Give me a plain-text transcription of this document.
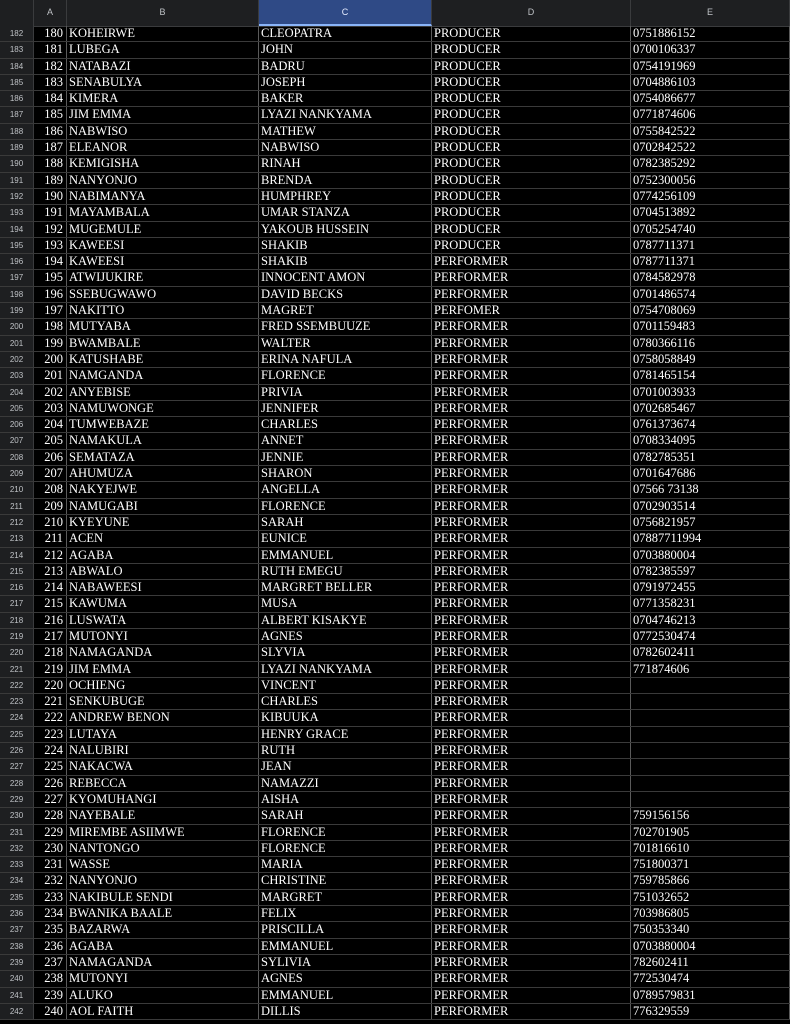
A	B	C	D	E
182	180 KOHEIRWE	CLEOPATRA	PRODUCER	0751886152
183	181 LUBEGA	JOHN	PRODUCER	0700106337
184	182 NATABAZI	BADRU	PRODUCER	0754191969
185	183 SENABULYA	JOSEPH	PRODUCER	0704886103
186	184 KIMERA	BAKER	PRODUCER	0754086677
187	185 JIM EMMA	LYAZI NANKYAMA	PRODUCER	0771874606
188	186 NABWISO	MATHEW	PRODUCER	0755842522
189	187 ELEANOR	NABWISO	PRODUCER	0702842522
190	188 KEMIGISHA	RINAH	PRODUCER	0782385292
191	189 NANYONJO	BRENDA	PRODUCER	0752300056
192	190 NABIMANYA	HUMPHREY	PRODUCER	0774256109
193	191 MAYAMBALA	UMAR STANZA	PRODUCER	0704513892
194	192 MUGEMULE	YAKOUB HUSSEIN	PRODUCER	0705254740
195	193 KAWEESI	SHAKIB	PRODUCER	0787711371
196	194 KAWEESI	SHAKIB	PERFORMER	0787711371
197	195 ATWIJUKIRE	INNOCENT AMON	PERFORMER	0784582978
198	196 SSEBUGWAWO	DAVID BECKS	PERFORMER	0701486574
199	197 NAKITTO	MAGRET	PERFOMER	0754708069
200	198 MUTYABA	FRED SSEMBUUZE	PERFORMER	0701159483
201	199 BWAMBALE	WALTER	PERFORMER	0780366116
202	200 KATUSHABE	ERINA NAFULA	PERFORMER	0758058849
203	201 NAMGANDA	FLORENCE	PERFORMER	0781465154
204	202 ANYEBISE	PRIVIA	PERFORMER	0701003933
205	203 NAMUWONGE	JENNIFER	PERFORMER	0702685467
206	204 TUMWEBAZE	CHARLES	PERFORMER	0761373674
207	205 NAMAKULA	ANNET	PERFORMER	0708334095
208	206 SEMATAZA	JENNIE	PERFORMER	0782785351
209	207 AHUMUZA	SHARON	PERFORMER	0701647686
210	208 NAKYEJWE	ANGELLA	PERFORMER	07566 73138
211	209 NAMUGABI	FLORENCE	PERFORMER	0702903514
212	210 KYEYUNE	SARAH	PERFORMER	0756821957
213	211 ACEN	EUNICE	PERFORMER	07887711994
214	212 AGABA	EMMANUEL	PERFORMER	0703880004
215	213 ABWALO	RUTH EMEGU	PERFORMER	0782385597
216	214 NABAWEESI	MARGRET BELLER	PERFORMER	0791972455
217	215 KAWUMA	MUSA	PERFORMER	0771358231
218	216 LUSWATA	ALBERT KISAKYE	PERFORMER	0704746213
219	217 MUTONYI	AGNES	PERFORMER	0772530474
220	218 NAMAGANDA	SLYVIA	PERFORMER	0782602411
221	219 JIM EMMA	LYAZI NANKYAMA	PERFORMER	771874606
222	220 OCHIENG	VINCENT	PERFORMER
223	221 SENKUBUGE	CHARLES	PERFORMER
224	222 ANDREW BENON	KIBUUKA	PERFORMER
225	223 LUTAYA	HENRY GRACE	PERFORMER
226	224 NALUBIRI	RUTH	PERFORMER
227	225 NAKACWA	JEAN	PERFORMER
228	226 REBECCA	NAMAZZI	PERFORMER
229	227 KYOMUHANGI	AISHA	PERFORMER
230	228 NAYEBALE	SARAH	PERFORMER	759156156
231	229 MIREMBE ASIIMWE	FLORENCE	PERFORMER	702701905
232	230 NANTONGO	FLORENCE	PERFORMER	701816610
233	231 WASSE	MARIA	PERFORMER	751800371
234	232 NANYONJO	CHRISTINE	PERFORMER	759785866
235	233 NAKIBULE SENDI	MARGRET	PERFORMER	751032652
236	234 BWANIKA BAALE	FELIX	PERFORMER	703986805
237	235 BAZARWA	PRISCILLA	PERFORMER	750353340
238	236 AGABA	EMMANUEL	PERFORMER	0703880004
239	237 NAMAGANDA	SYLIVIA	PERFORMER	782602411
240	238 MUTONYI	AGNES	PERFORMER	772530474
241	239 ALUKO	EMMANUEL	PERFORMER	0789579831
242	240 AOL FAITH	DILLIS	PERFORMER	776329559
